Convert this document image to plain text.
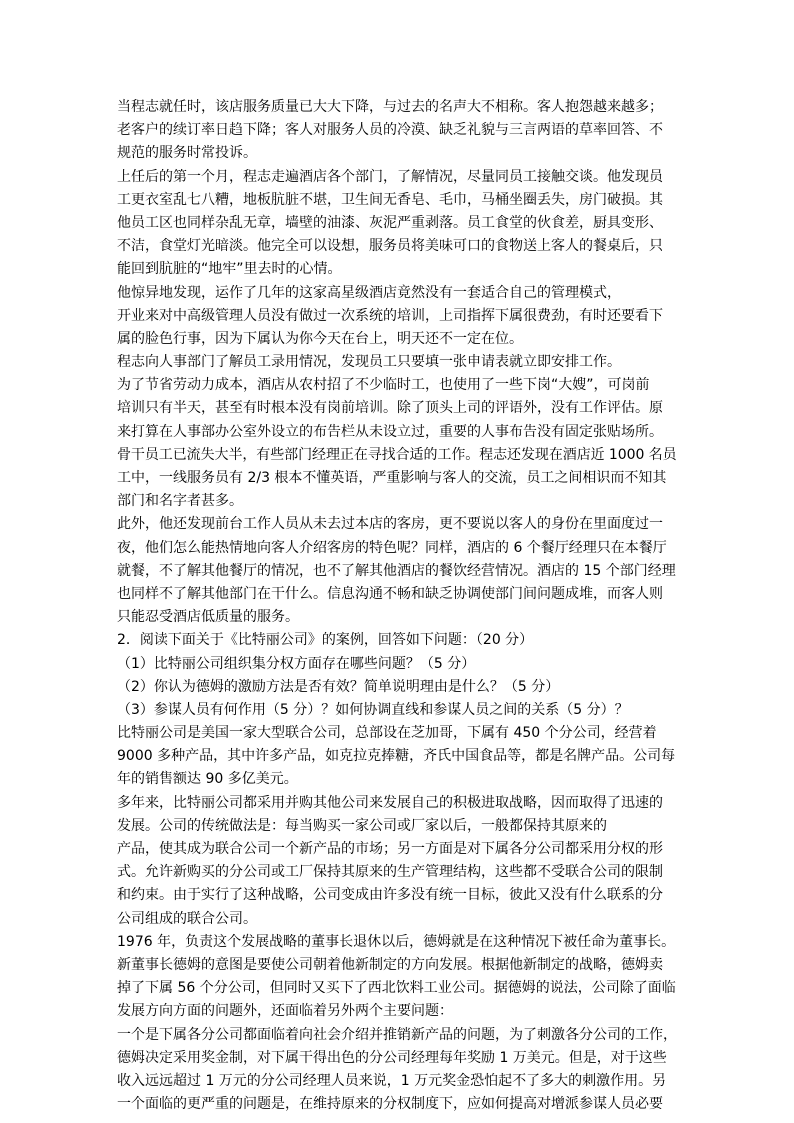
当程志就任时，该店服务质量已大大下降，与过去的名声大不相称。客人抱怨越来越多；
老客户的续订率日趋下降；客人对服务人员的冷漠、缺乏礼貌与三言两语的草率回答、不
规范的服务时常投诉。
上任后的第一个月，程志走遍酒店各个部门，了解情况，尽量同员工接触交谈。他发现员
工更衣室乱七八糟，地板肮脏不堪，卫生间无香皂、毛巾，马桶坐圈丢失，房门破损。其
他员工区也同样杂乱无章，墙壁的油漆、灰泥严重剥落。员工食堂的伙食差，厨具变形、
不洁，食堂灯光暗淡。他完全可以设想，服务员将美味可口的食物送上客人的餐桌后，只
能回到肮脏的“地牢”里去时的心情。
他惊异地发现，运作了几年的这家高星级酒店竟然没有一套适合自己的管理模式，
开业来对中高级管理人员没有做过一次系统的培训，上司指挥下属很费劲，有时还要看下
属的脸色行事，因为下属认为你今天在台上，明天还不一定在位。
程志向人事部门了解员工录用情况，发现员工只要填一张申请表就立即安排工作。
为了节省劳动力成本，酒店从农村招了不少临时工，也使用了一些下岗“大嫂”，可岗前
培训只有半天，甚至有时根本没有岗前培训。除了顶头上司的评语外，没有工作评估。原
来打算在人事部办公室外设立的布告栏从未设立过，重要的人事布告没有固定张贴场所。
骨干员工已流失大半，有些部门经理正在寻找合适的工作。程志还发现在酒店近 1000 名员
工中，一线服务员有 2/3 根本不懂英语，严重影响与客人的交流，员工之间相识而不知其
部门和名字者甚多。
此外，他还发现前台工作人员从未去过本店的客房，更不要说以客人的身份在里面度过一
夜，他们怎么能热情地向客人介绍客房的特色呢？同样，酒店的 6 个餐厅经理只在本餐厅
就餐，不了解其他餐厅的情况，也不了解其他酒店的餐饮经营情况。酒店的 15 个部门经理
也同样不了解其他部门在干什么。信息沟通不畅和缺乏协调使部门间问题成堆，而客人则
只能忍受酒店低质量的服务。
2．阅读下面关于《比特丽公司》的案例，回答如下问题：（20 分）
（1）比特丽公司组织集分权方面存在哪些问题？（5 分）
（2）你认为德姆的激励方法是否有效？简单说明理由是什么？（5 分）
（3）参谋人员有何作用（5 分）？如何协调直线和参谋人员之间的关系（5 分）？
比特丽公司是美国一家大型联合公司，总部设在芝加哥，下属有 450 个分公司，经营着
9000 多种产品，其中许多产品，如克拉克捧糖，齐氏中国食品等，都是名牌产品。公司每
年的销售额达 90 多亿美元。
多年来，比特丽公司都采用并购其他公司来发展自己的积极进取战略，因而取得了迅速的
发展。公司的传统做法是：每当购买一家公司或厂家以后，一般都保持其原来的
产品，使其成为联合公司一个新产品的市场；另一方面是对下属各分公司都采用分权的形
式。允许新购买的分公司或工厂保持其原来的生产管理结构，这些都不受联合公司的限制
和约束。由于实行了这种战略，公司变成由许多没有统一目标，彼此又没有什么联系的分
公司组成的联合公司。
1976 年，负责这个发展战略的董事长退休以后，德姆就是在这种情况下被任命为董事长。
新董事长德姆的意图是要使公司朝着他新制定的方向发展。根据他新制定的战略，德姆卖
掉了下属 56 个分公司，但同时又买下了西北饮料工业公司。据德姆的说法，公司除了面临
发展方向方面的问题外，还面临着另外两个主要问题：
一个是下属各分公司都面临着向社会介绍并推销新产品的问题，为了刺激各分公司的工作，
德姆决定采用奖金制，对下属干得出色的分公司经理每年奖励 1 万美元。但是，对于这些
收入远远超过 1 万元的分公司经理人员来说，1 万元奖金恐怕起不了多大的刺激作用。另
一个面临的更严重的问题是，在维持原来的分权制度下，应如何提高对增派参谋人员必要
